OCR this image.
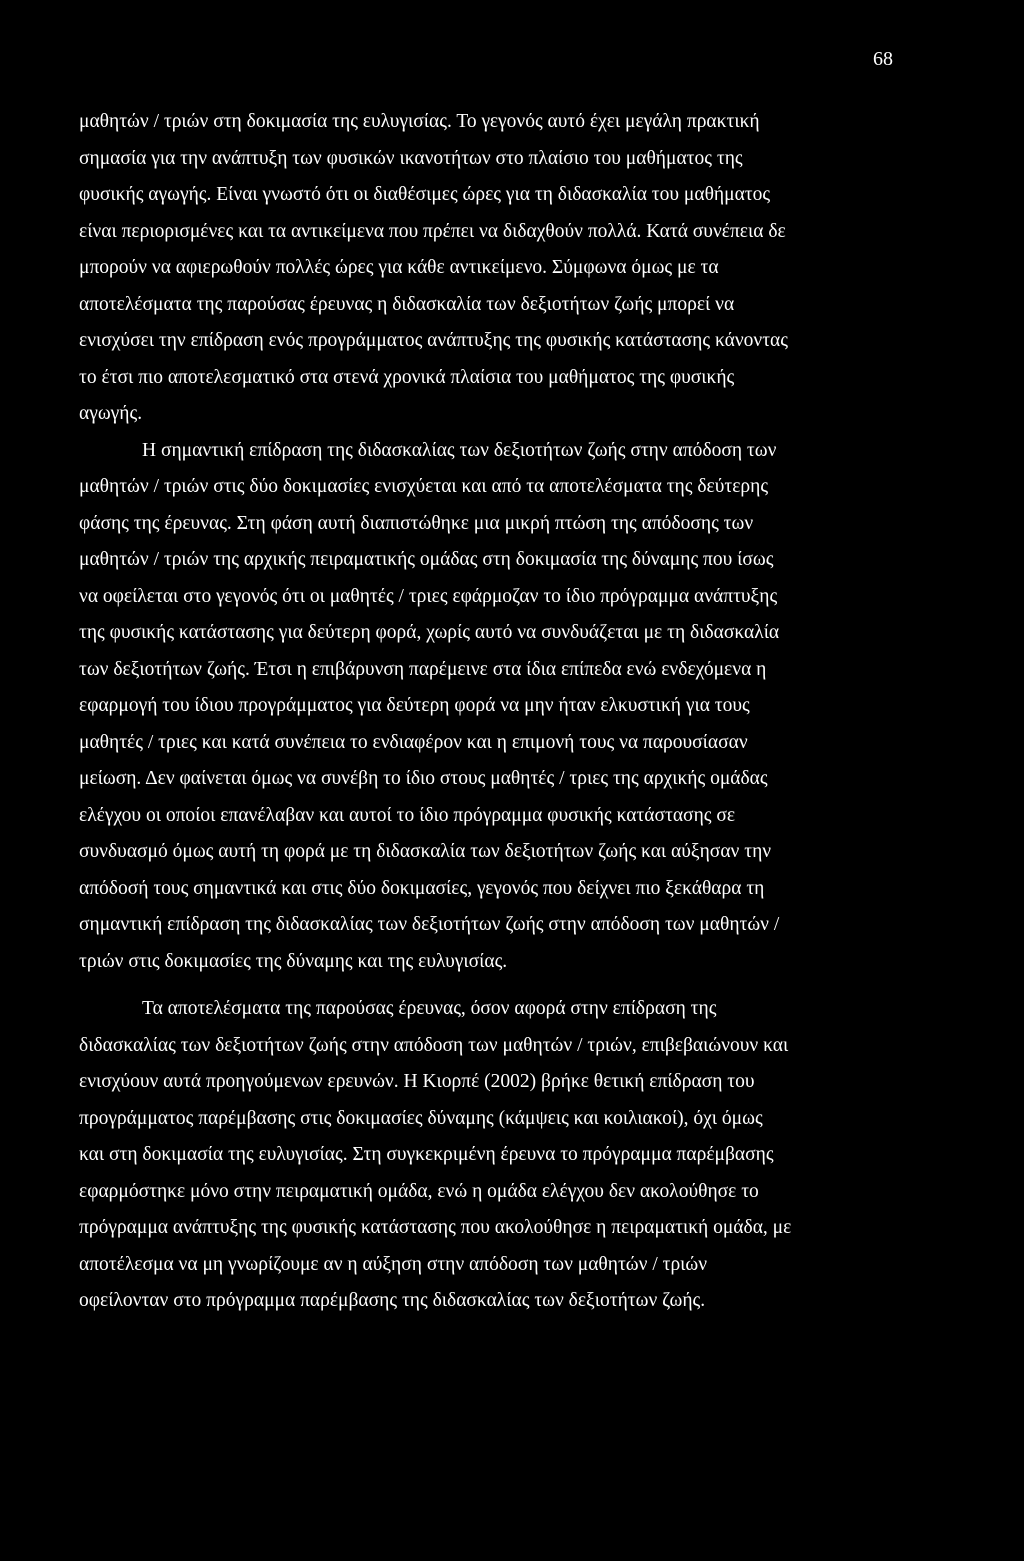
68
μαθητών / τριών στη δοκιμασία της ευλυγισίας. Το γεγονός αυτό έχει μεγάλη πρακτική
σημασία για την ανάπτυξη των φυσικών ικανοτήτων στο πλαίσιο του μαθήματος της
φυσικής αγωγής. Είναι γνωστό ότι οι διαθέσιμες ώρες για τη διδασκαλία του μαθήματος
είναι περιορισμένες και τα αντικείμενα που πρέπει να διδαχθούν πολλά. Κατά συνέπεια δε
μπορούν να αφιερωθούν πολλές ώρες για κάθε αντικείμενο. Σύμφωνα όμως με τα
αποτελέσματα της παρούσας έρευνας η διδασκαλία των δεξιοτήτων ζωής μπορεί να
ενισχύσει την επίδραση ενός προγράμματος ανάπτυξης της φυσικής κατάστασης κάνοντας
το έτσι πιο αποτελεσματικό στα στενά χρονικά πλαίσια του μαθήματος της φυσικής
αγωγής.
Η σημαντική επίδραση της διδασκαλίας των δεξιοτήτων ζωής στην απόδοση των
μαθητών / τριών στις δύο δοκιμασίες ενισχύεται και από τα αποτελέσματα της δεύτερης
φάσης της έρευνας. Στη φάση αυτή διαπιστώθηκε μια μικρή πτώση της απόδοσης των
μαθητών / τριών της αρχικής πειραματικής ομάδας στη δοκιμασία της δύναμης που ίσως
να οφείλεται στο γεγονός ότι οι μαθητές / τριες εφάρμοζαν το ίδιο πρόγραμμα ανάπτυξης
της φυσικής κατάστασης για δεύτερη φορά, χωρίς αυτό να συνδυάζεται με τη διδασκαλία
των δεξιοτήτων ζωής. Έτσι η επιβάρυνση παρέμεινε στα ίδια επίπεδα ενώ ενδεχόμενα η
εφαρμογή του ίδιου προγράμματος για δεύτερη φορά να μην ήταν ελκυστική για τους
μαθητές / τριες και κατά συνέπεια το ενδιαφέρον και η επιμονή τους να παρουσίασαν
μείωση. Δεν φαίνεται όμως να συνέβη το ίδιο στους μαθητές / τριες της αρχικής ομάδας
ελέγχου οι οποίοι επανέλαβαν και αυτοί το ίδιο πρόγραμμα φυσικής κατάστασης σε
συνδυασμό όμως αυτή τη φορά με τη διδασκαλία των δεξιοτήτων ζωής και αύξησαν την
απόδοσή τους σημαντικά και στις δύο δοκιμασίες, γεγονός που δείχνει πιο ξεκάθαρα τη
σημαντική επίδραση της διδασκαλίας των δεξιοτήτων ζωής στην απόδοση των μαθητών /
τριών στις δοκιμασίες της δύναμης και της ευλυγισίας.
Τα αποτελέσματα της παρούσας έρευνας, όσον αφορά στην επίδραση της
διδασκαλίας των δεξιοτήτων ζωής στην απόδοση των μαθητών / τριών, επιβεβαιώνουν και
ενισχύουν αυτά προηγούμενων ερευνών. Η Κιορπέ (2002) βρήκε θετική επίδραση του
προγράμματος παρέμβασης στις δοκιμασίες δύναμης (κάμψεις και κοιλιακοί), όχι όμως
και στη δοκιμασία της ευλυγισίας. Στη συγκεκριμένη έρευνα το πρόγραμμα παρέμβασης
εφαρμόστηκε μόνο στην πειραματική ομάδα, ενώ η ομάδα ελέγχου δεν ακολούθησε το
πρόγραμμα ανάπτυξης της φυσικής κατάστασης που ακολούθησε η πειραματική ομάδα, με
αποτέλεσμα να μη γνωρίζουμε αν η αύξηση στην απόδοση των μαθητών / τριών
οφείλονταν στο πρόγραμμα παρέμβασης της διδασκαλίας των δεξιοτήτων ζωής.
